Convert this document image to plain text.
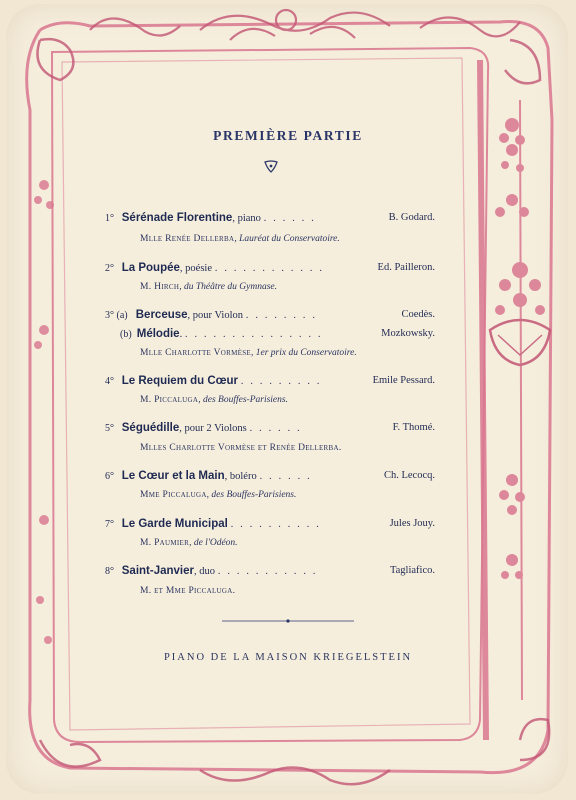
PREMIÈRE PARTIE
1° Sérénade Florentine, piano . . . . . .	B. Godard.
Mlle Renée Dellerba, Lauréat du Conservatoire.
2° La Poupée, poésie . . . . . . . . . . . .	Ed. Pailleron.
M. Hirch, du Théâtre du Gymnase.
3° (a) Berceuse, pour Violon . . . . . . . .	Coedès.
(b) Mélodie. . . . . . . . . . . . . . . .	Mozkowsky.
Mlle Charlotte Vormèse, 1er prix du Conservatoire.
4° Le Requiem du Cœur . . . . . . . . .	Emile Pessard.
M. Piccaluga, des Bouffes-Parisiens.
5° Séguédille, pour 2 Violons . . . . . .	F. Thomé.
Mlles Charlotte Vormèse et Renée Dellerba.
6° Le Cœur et la Main, boléro . . . . . .	Ch. Lecocq.
Mme Piccaluga, des Bouffes-Parisiens.
7° Le Garde Municipal . . . . . . . . . .	Jules Jouy.
M. Paumier, de l'Odéon.
8° Saint-Janvier, duo . . . . . . . . . . .	Tagliafico.
M. et Mme Piccaluga.
PIANO DE LA MAISON KRIEGELSTEIN
